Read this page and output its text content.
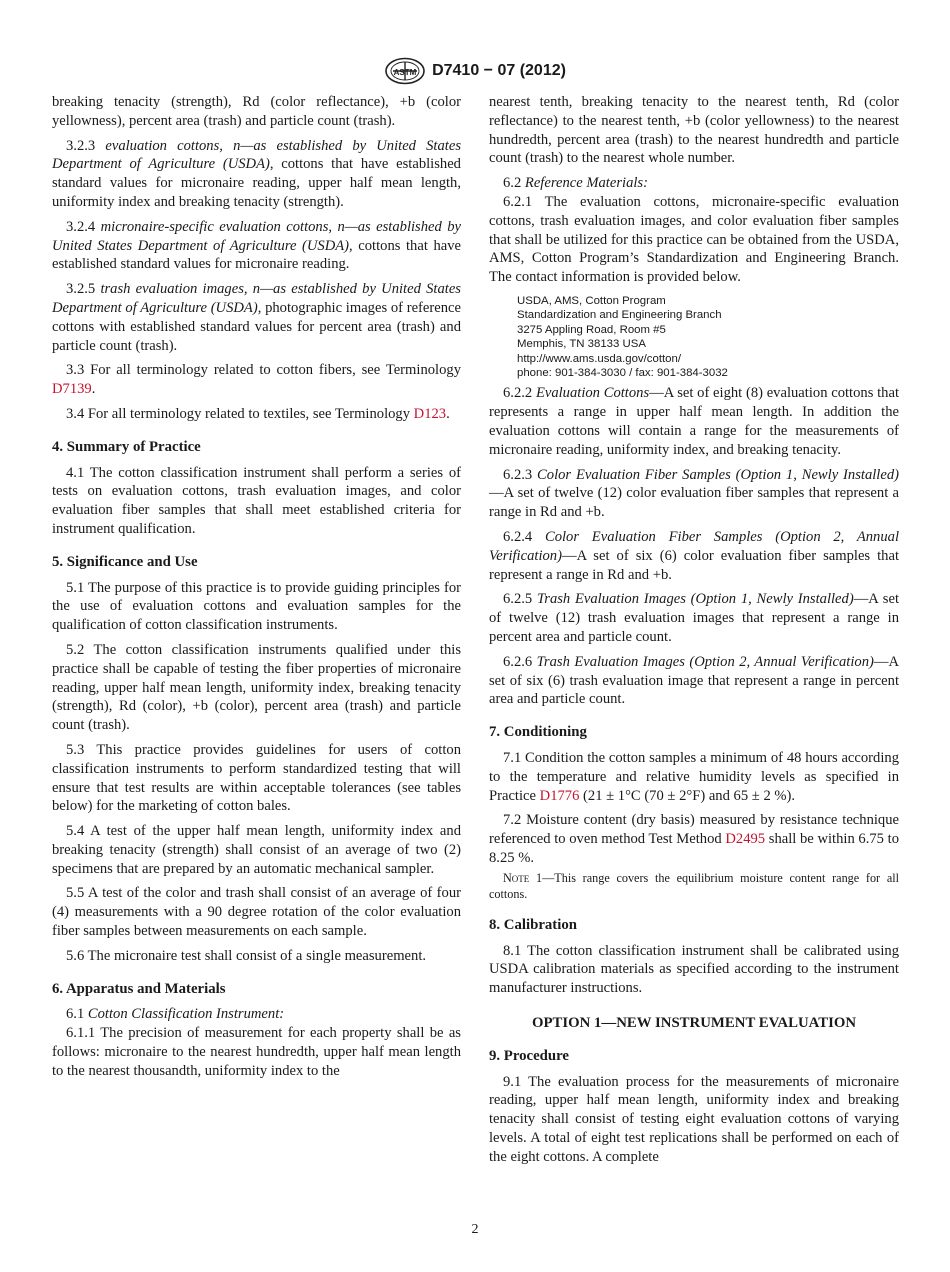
ASTM D7410 − 07 (2012)

breaking tenacity (strength), Rd (color reflectance), +b (color yellowness), percent area (trash) and particle count (trash).

3.2.3 evaluation cottons, n—as established by United States Department of Agriculture (USDA), cottons that have established standard values for micronaire reading, upper half mean length, uniformity index and breaking tenacity (strength).

3.2.4 micronaire-specific evaluation cottons, n—as established by United States Department of Agriculture (USDA), cottons that have established standard values for micronaire reading.

3.2.5 trash evaluation images, n—as established by United States Department of Agriculture (USDA), photographic images of reference cottons with established standard values for percent area (trash) and particle count (trash).

3.3 For all terminology related to cotton fibers, see Terminology D7139.

3.4 For all terminology related to textiles, see Terminology D123.

4. Summary of Practice

4.1 The cotton classification instrument shall perform a series of tests on evaluation cottons, trash evaluation images, and color evaluation fiber samples that shall meet established criteria for instrument qualification.

5. Significance and Use

5.1 The purpose of this practice is to provide guiding principles for the use of evaluation cottons and evaluation samples for the qualification of cotton classification instruments.

5.2 The cotton classification instruments qualified under this practice shall be capable of testing the fiber properties of micronaire reading, upper half mean length, uniformity index, breaking tenacity (strength), Rd (color), +b (color), percent area (trash) and particle count (trash).

5.3 This practice provides guidelines for users of cotton classification instruments to perform standardized testing that will ensure that test results are within acceptable tolerances (see tables below) for the marketing of cotton bales.

5.4 A test of the upper half mean length, uniformity index and breaking tenacity (strength) shall consist of an average of two (2) specimens that are prepared by an automatic mechanical sampler.

5.5 A test of the color and trash shall consist of an average of four (4) measurements with a 90 degree rotation of the color evaluation fiber samples between measurements on each sample.

5.6 The micronaire test shall consist of a single measurement.

6. Apparatus and Materials

6.1 Cotton Classification Instrument:

6.1.1 The precision of measurement for each property shall be as follows: micronaire to the nearest hundredth, upper half mean length to the nearest thousandth, uniformity index to the

nearest tenth, breaking tenacity to the nearest tenth, Rd (color reflectance) to the nearest tenth, +b (color yellowness) to the nearest hundredth, percent area (trash) to the nearest hundredth and particle count (trash) to the nearest whole number.

6.2 Reference Materials:

6.2.1 The evaluation cottons, micronaire-specific evaluation cottons, trash evaluation images, and color evaluation fiber samples that shall be utilized for this practice can be obtained from the USDA, AMS, Cotton Program’s Standardization and Engineering Branch. The contact information is provided below.

USDA, AMS, Cotton Program
Standardization and Engineering Branch
3275 Appling Road, Room #5
Memphis, TN 38133 USA
http://www.ams.usda.gov/cotton/
phone: 901-384-3030 / fax: 901-384-3032

6.2.2 Evaluation Cottons—A set of eight (8) evaluation cottons that represents a range in upper half mean length. In addition the evaluation cottons will contain a range for the measurements of micronaire reading, uniformity index, and breaking tenacity.

6.2.3 Color Evaluation Fiber Samples (Option 1, Newly Installed)—A set of twelve (12) color evaluation fiber samples that represent a range in Rd and +b.

6.2.4 Color Evaluation Fiber Samples (Option 2, Annual Verification)—A set of six (6) color evaluation fiber samples that represent a range in Rd and +b.

6.2.5 Trash Evaluation Images (Option 1, Newly Installed)—A set of twelve (12) trash evaluation images that represent a range in percent area and particle count.

6.2.6 Trash Evaluation Images (Option 2, Annual Verification)—A set of six (6) trash evaluation image that represent a range in percent area and particle count.

7. Conditioning

7.1 Condition the cotton samples a minimum of 48 hours according to the temperature and relative humidity levels as specified in Practice D1776 (21 ± 1°C (70 ± 2°F) and 65 ± 2 %).

7.2 Moisture content (dry basis) measured by resistance technique referenced to oven method Test Method D2495 shall be within 6.75 to 8.25 %.

Note 1—This range covers the equilibrium moisture content range for all cottons.

8. Calibration

8.1 The cotton classification instrument shall be calibrated using USDA calibration materials as specified according to the instrument manufacturer instructions.

OPTION 1—NEW INSTRUMENT EVALUATION
9. Procedure

9.1 The evaluation process for the measurements of micronaire reading, upper half mean length, uniformity index and breaking tenacity shall consist of testing eight evaluation cottons of varying levels. A total of eight test replications shall be performed on each of the eight cottons. A complete

2
